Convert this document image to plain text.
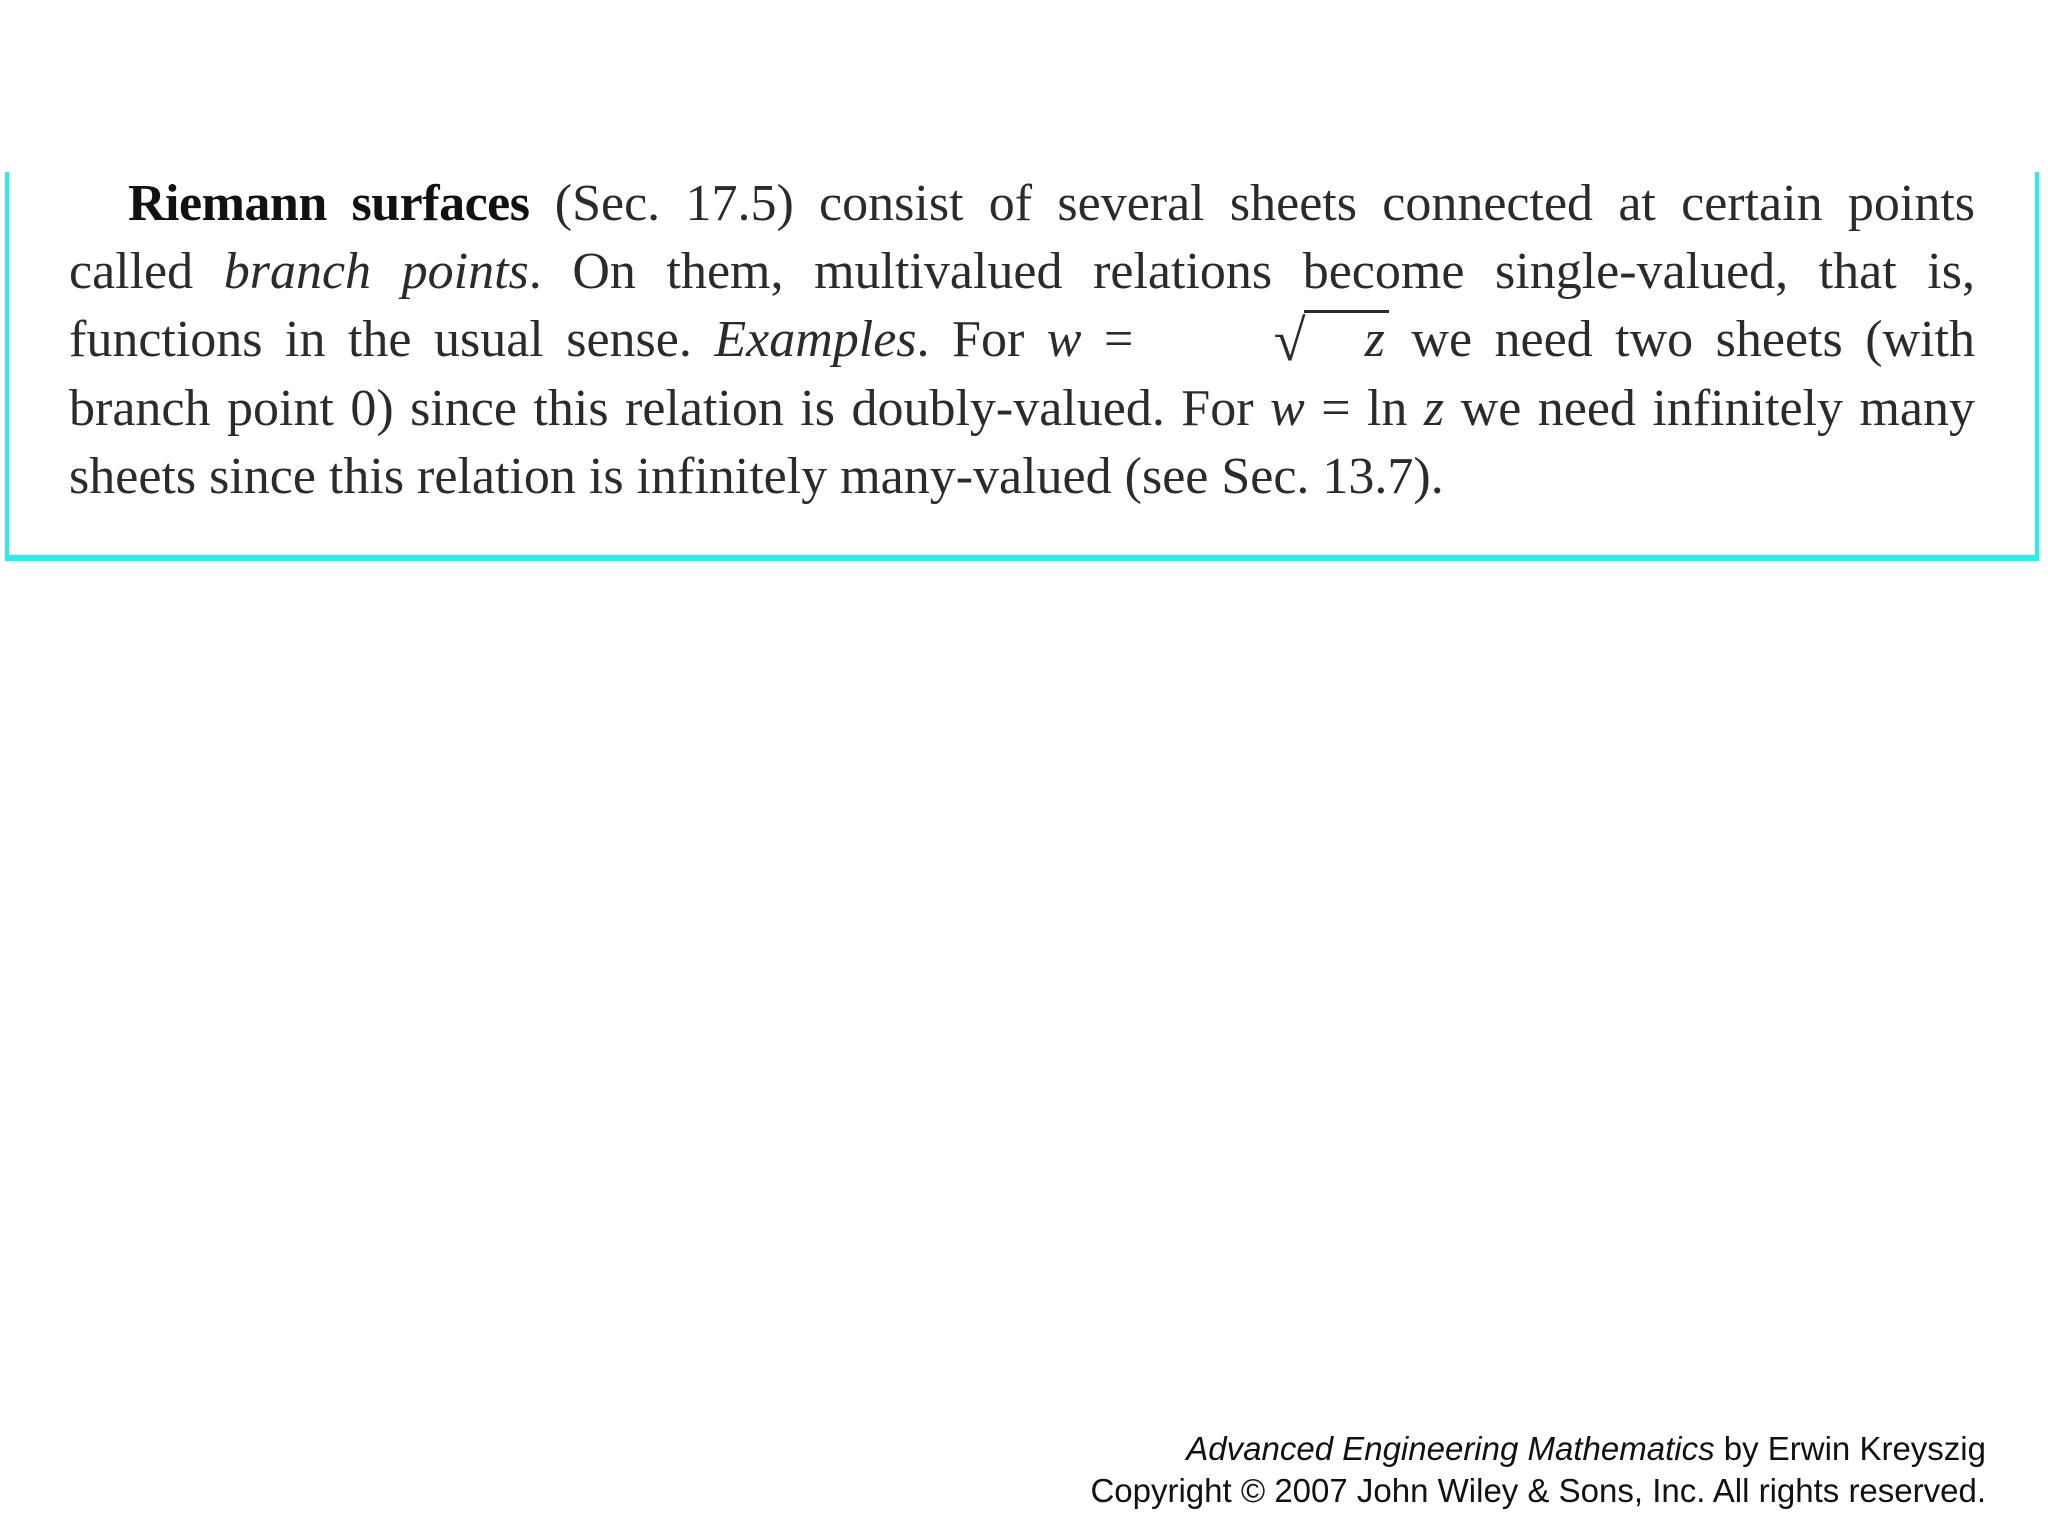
Riemann surfaces (Sec. 17.5) consist of several sheets connected at certain points called branch points. On them, multivalued relations become single-valued, that is, functions in the usual sense. Examples. For w = √ z we need two sheets (with branch point 0) since this relation is doubly-valued. For w = ln z we need infinitely many sheets since this relation is infinitely many-valued (see Sec. 13.7).

Advanced Engineering Mathematics by Erwin Kreyszig
Copyright © 2007 John Wiley & Sons, Inc. All rights reserved.
